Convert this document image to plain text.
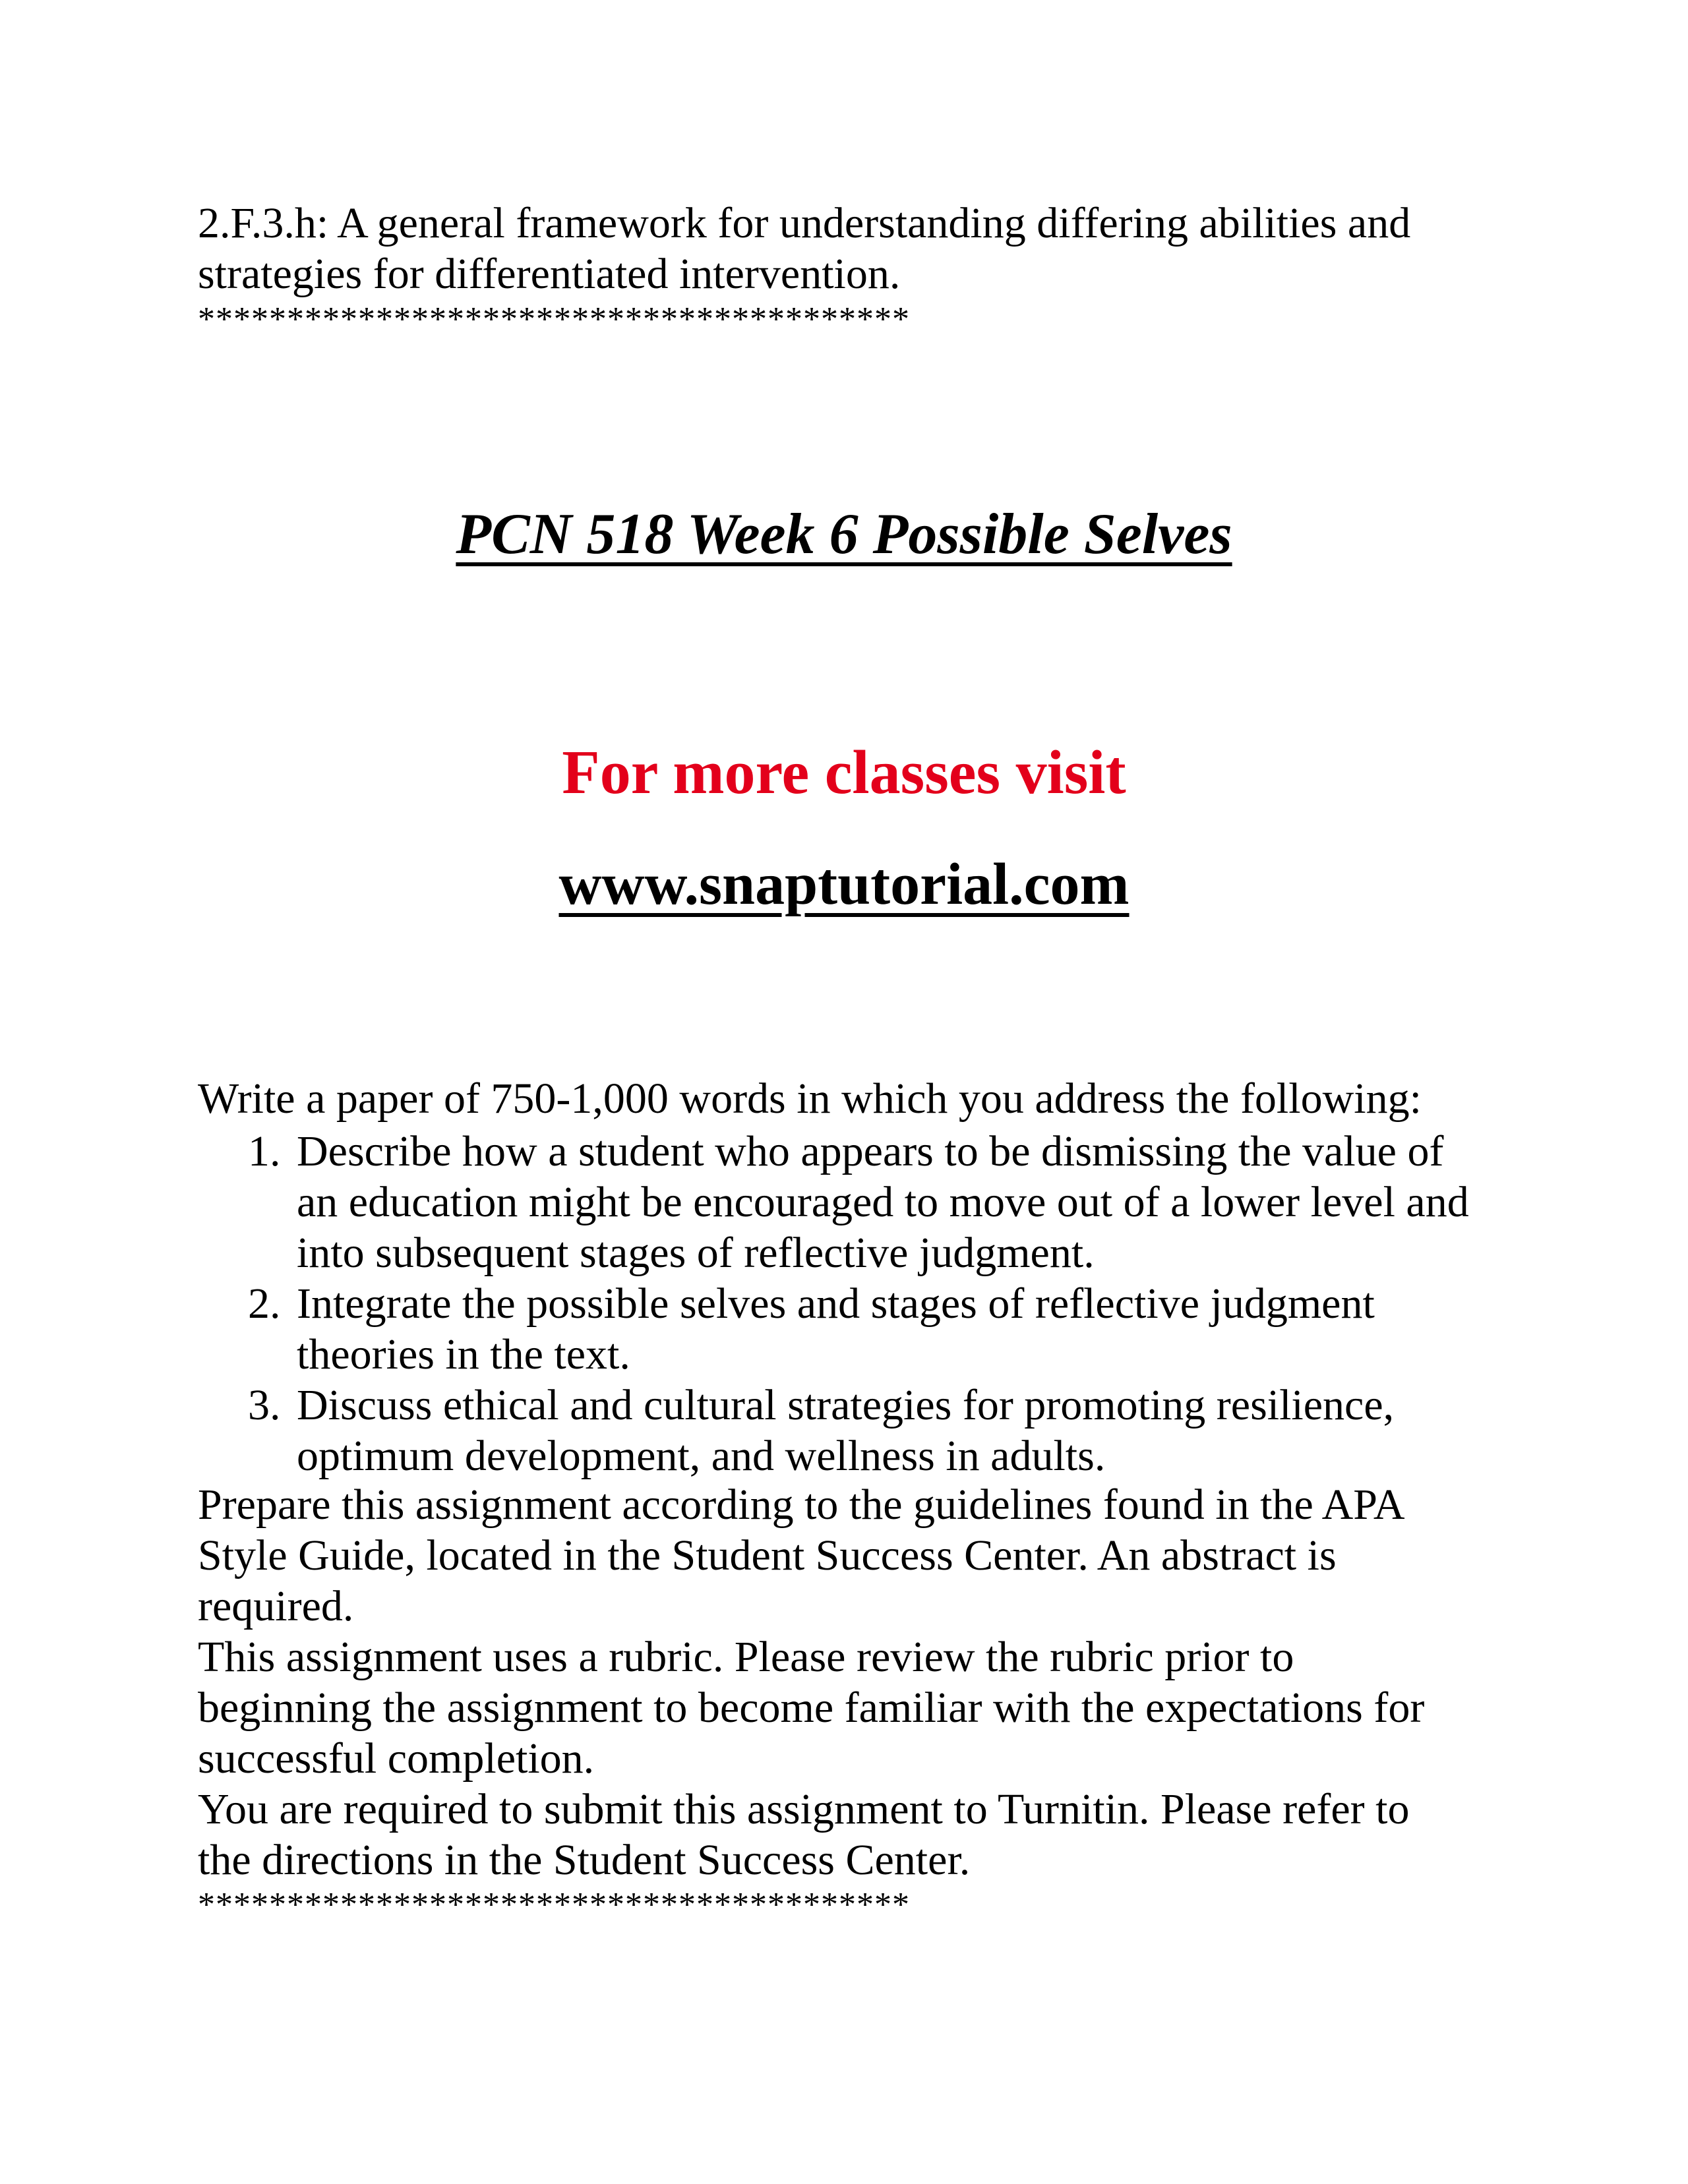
2.F.3.h: A general framework for understanding differing abilities and
strategies for differentiated intervention.
****************************************
PCN 518 Week 6 Possible Selves
For more classes visit
www.snaptutorial.com
Write a paper of 750-1,000 words in which you address the following:
1. Describe how a student who appears to be dismissing the value of
an education might be encouraged to move out of a lower level and
into subsequent stages of reflective judgment.
2. Integrate the possible selves and stages of reflective judgment
theories in the text.
3. Discuss ethical and cultural strategies for promoting resilience,
optimum development, and wellness in adults.
Prepare this assignment according to the guidelines found in the APA
Style Guide, located in the Student Success Center. An abstract is
required.
This assignment uses a rubric. Please review the rubric prior to
beginning the assignment to become familiar with the expectations for
successful completion.
You are required to submit this assignment to Turnitin. Please refer to
the directions in the Student Success Center.
****************************************
